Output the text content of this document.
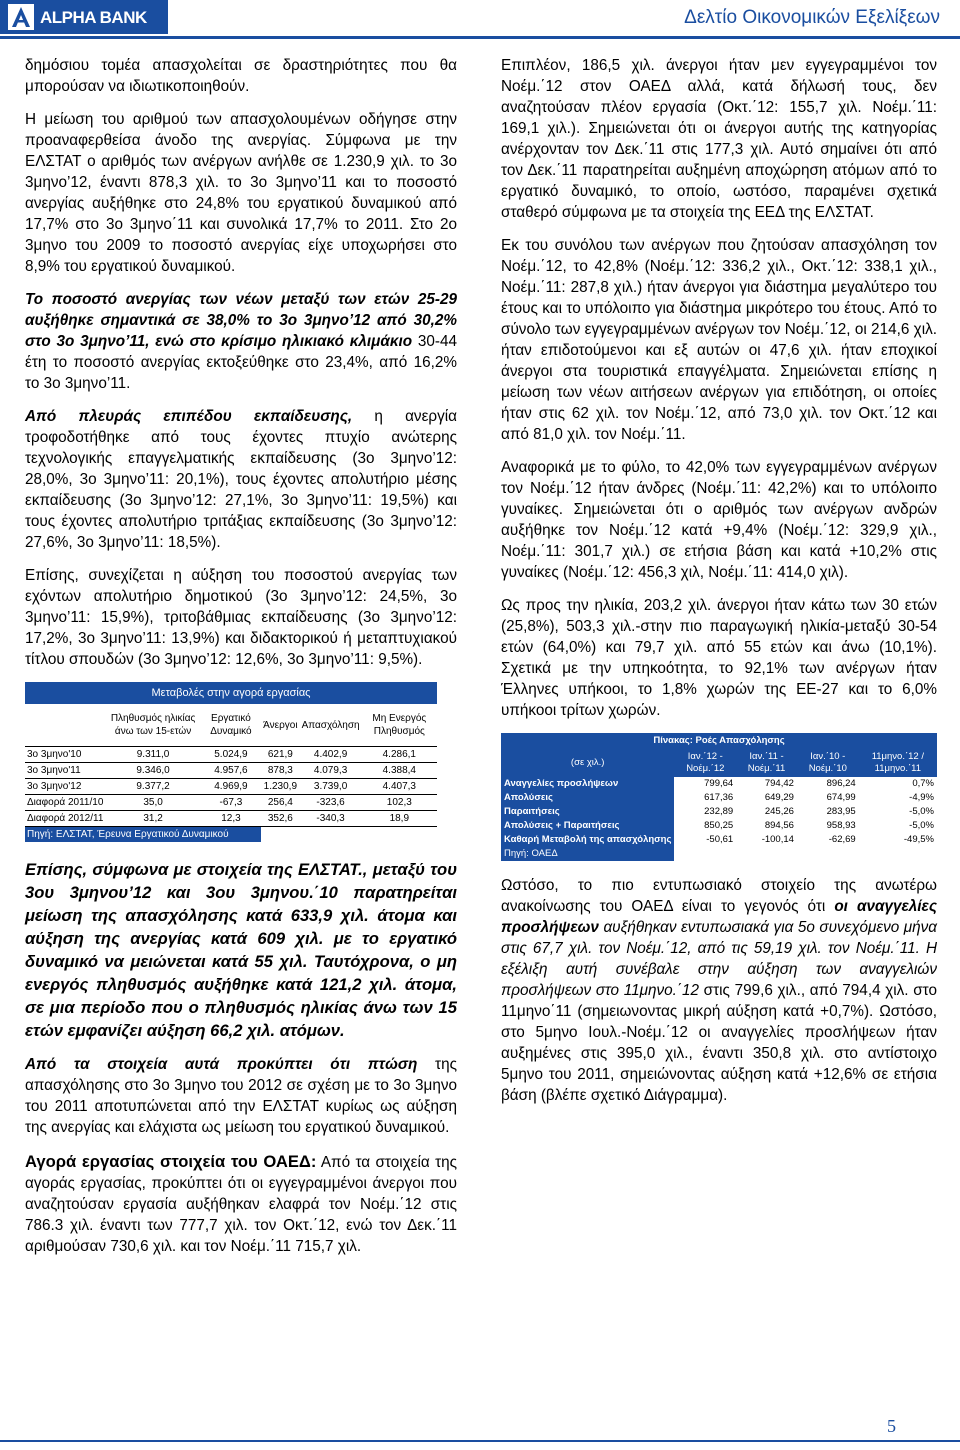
ALPHA BANK	Δελτίο Οικονομικών Εξελίξεων

δημόσιου τομέα απασχολείται σε δραστηριότητες που θα μπορούσαν να ιδιωτικοποιηθούν.

Η μείωση του αριθμού των απασχολουμένων οδήγησε στην προαναφερθείσα άνοδο της ανεργίας. Σύμφωνα με την ΕΛΣΤΑΤ ο αριθμός των ανέργων ανήλθε σε 1.230,9 χιλ. το 3ο 3μηνο’12, έναντι 878,3 χιλ. το 3ο 3μηνο’11 και το ποσοστό ανεργίας αυξήθηκε στο 24,8% του εργατικού δυναμικού από 17,7% στο 3ο 3μηνο΄11 και συνολικά 17,7% το 2011. Στο 2ο 3μηνο του 2009 το ποσοστό ανεργίας είχε υποχωρήσει στο 8,9% του εργατικού δυναμικού.

Το ποσοστό ανεργίας των νέων μεταξύ των ετών 25-29 αυξήθηκε σημαντικά σε 38,0% το 3ο 3μηνο’12 από 30,2% στο 3ο 3μηνο’11, ενώ στο κρίσιμο ηλικιακό κλιμάκιο 30-44 έτη το ποσοστό ανεργίας εκτοξεύθηκε στο 23,4%, από 16,2% το 3ο 3μηνο’11.

Από πλευράς επιπέδου εκπαίδευσης, η ανεργία τροφοδοτήθηκε από τους έχοντες πτυχίο ανώτερης τεχνολογικής επαγγελματικής εκπαίδευσης (3ο 3μηνο’12: 28,0%, 3ο 3μηνο’11: 20,1%), τους έχοντες απολυτήριο μέσης εκπαίδευσης (3ο 3μηνο’12: 27,1%, 3ο 3μηνο’11: 19,5%) και τους έχοντες απολυτήριο τριτάξιας εκπαίδευσης (3ο 3μηνο’12: 27,6%, 3ο 3μηνο’11: 18,5%).

Επίσης, συνεχίζεται η αύξηση του ποσοστού ανεργίας των εχόντων απολυτήριο δημοτικού (3ο 3μηνο’12: 24,5%, 3ο 3μηνο’11: 15,9%), τριτοβάθμιας εκπαίδευσης (3ο 3μηνο’12: 17,2%, 3ο 3μηνο’11: 13,9%) και διδακτορικού ή μεταπτυχιακού τίτλου σπουδών (3ο 3μηνο’12: 12,6%, 3ο 3μηνο’11: 9,5%).

Μεταβολές στην αγορά εργασίας					
	Πληθυσμός ηλικίας άνω των 15-ετών	Εργατικό Δυναμικό	Άνεργοι	Απασχόληση	Μη Ενεργός Πληθυσμός
3ο 3μηνο'10	9.311,0	5.024,9	621,9	4.402,9	4.286,1
3ο 3μηνο'11	9.346,0	4.957,6	878,3	4.079,3	4.388,4
3ο 3μηνο'12	9.377,2	4.969,9	1.230,9	3.739,0	4.407,3
Διαφορά 2011/10	35,0	-67,3	256,4	-323,6	102,3
Διαφορά 2012/11	31,2	12,3	352,6	-340,3	18,9
Πηγή: ΕΛΣΤΑΤ, Έρευνα Εργατικού Δυναμικού					

Επίσης, σύμφωνα με στοιχεία της ΕΛΣΤΑΤ., μεταξύ του 3ου 3μηνου’12 και 3ου 3μηνου.΄10 παρατηρείται μείωση της απασχόλησης κατά 633,9 χιλ. άτομα και αύξηση της ανεργίας κατά 609 χιλ. με το εργατικό δυναμικό να μειώνεται κατά 55 χιλ. Ταυτόχρονα, ο μη ενεργός πληθυσμός αυξήθηκε κατά 121,2 χιλ. άτομα, σε μια περίοδο που ο πληθυσμός ηλικίας άνω των 15 ετών εμφανίζει αύξηση 66,2 χιλ. ατόμων.

Από τα στοιχεία αυτά προκύπτει ότι πτώση της απασχόλησης στο 3ο 3μηνο του 2012 σε σχέση με το 3ο 3μηνο του 2011 αποτυπώνεται από την ΕΛΣΤΑΤ κυρίως ως αύξηση της ανεργίας και ελάχιστα ως μείωση του εργατικού δυναμικού.

Αγορά εργασίας στοιχεία του ΟΑΕΔ: Από τα στοιχεία της αγοράς εργασίας, προκύπτει ότι οι εγγεγραμμένοι άνεργοι που αναζητούσαν εργασία αυξήθηκαν ελαφρά τον Νοέμ.΄12 στις 786.3 χιλ. έναντι των 777,7 χιλ. τον Οκτ.΄12, ενώ τον Δεκ.΄11 αριθμούσαν 730,6 χιλ. και τον Νοέμ.΄11 715,7 χιλ.

Επιπλέον, 186,5 χιλ. άνεργοι ήταν μεν εγγεγραμμένοι τον Νοέμ.΄12 στον ΟΑΕΔ αλλά, κατά δήλωσή τους, δεν αναζητούσαν πλέον εργασία (Οκτ.΄12: 155,7 χιλ. Νοέμ.΄11: 169,1 χιλ.). Σημειώνεται ότι οι άνεργοι αυτής της κατηγορίας ανέρχονταν τον Δεκ.΄11 στις 177,3 χιλ. Αυτό σημαίνει ότι από τον Δεκ.΄11 παρατηρείται αυξημένη αποχώρηση ατόμων από το εργατικό δυναμικό, το οποίο, ωστόσο, παραμένει σχετικά σταθερό σύμφωνα με τα στοιχεία της ΕΕΔ της ΕΛΣΤΑΤ.

Εκ του συνόλου των ανέργων που ζητούσαν απασχόληση τον Νοέμ.΄12, το 42,8% (Νοέμ.΄12: 336,2 χιλ., Οκτ.΄12: 338,1 χιλ., Νοέμ.΄11: 287,8 χιλ.) ήταν άνεργοι για διάστημα μεγαλύτερο του έτους και το υπόλοιπο για διάστημα μικρότερο του έτους. Από το σύνολο των εγγεγραμμένων ανέργων τον Νοέμ.΄12, οι 214,6 χιλ. ήταν επιδοτούμενοι και εξ αυτών οι 47,6 χιλ. ήταν εποχικοί άνεργοι στα τουριστικά επαγγέλματα. Σημειώνεται επίσης η μείωση των νέων αιτήσεων ανέργων για επιδότηση, οι οποίες ήταν στις 62 χιλ. τον Νοέμ.΄12, από 73,0 χιλ. τον Οκτ.΄12 και από 81,0 χιλ. τον Νοέμ.΄11.

Αναφορικά με το φύλο, το 42,0% των εγγεγραμμένων ανέργων τον Νοέμ.΄12 ήταν άνδρες (Νοέμ.΄11: 42,2%) και το υπόλοιπο γυναίκες. Σημειώνεται ότι ο αριθμός των ανέργων ανδρών αυξήθηκε τον Νοέμ.΄12 κατά +9,4% (Νοέμ.΄12: 329,9 χιλ., Νοέμ.΄11: 301,7 χιλ.) σε ετήσια βάση και κατά +10,2% στις γυναίκες (Νοέμ.΄12: 456,3 χιλ, Νοέμ.΄11: 414,0 χιλ).

Ως προς την ηλικία, 203,2 χιλ. άνεργοι ήταν κάτω των 30 ετών (25,8%), 503,3 χιλ.-στην πιο παραγωγική ηλικία-μεταξύ 30-54 ετών (64,0%) και 79,7 χιλ. από 55 ετών και άνω (10,1%). Σχετικά με την υπηκοότητα, το 92,1% των ανέργων ήταν Έλληνες υπήκοοι, το 1,8% χωρών της ΕΕ-27 και το 6,0% υπήκοοι τρίτων χωρών.

Πίνακας: Ροές Απασχόλησης				
(σε χιλ.)	Ιαν.΄12 - Νοέμ.΄12	Ιαν.΄11 - Νοέμ.΄11	Ιαν.΄10 - Νοέμ.΄10	11μηνο.΄12 / 11μηνο.΄11
Αναγγελίες προσλήψεων	799,64	794,42	896,24	0,7%
Απολύσεις	617,36	649,29	674,99	-4,9%
Παραιτήσεις	232,89	245,26	283,95	-5,0%
Απολύσεις + Παραιτήσεις	850,25	894,56	958,93	-5,0%
Καθαρή Μεταβολή της απασχόλησης	-50,61	-100,14	-62,69	-49,5%
Πηγή: ΟΑΕΔ				

Ωστόσο, το πιο εντυπωσιακό στοιχείο της ανωτέρω ανακοίνωσης του ΟΑΕΔ είναι το γεγονός ότι οι αναγγελίες προσλήψεων αυξήθηκαν εντυπωσιακά για 5ο συνεχόμενο μήνα στις 67,7 χιλ. τον Νοέμ.΄12, από τις 59,19 χιλ. τον Νοέμ.΄11. Η εξέλιξη αυτή συνέβαλε στην αύξηση των αναγγελιών προσλήψεων στο 11μηνο.΄12 στις 799,6 χιλ., από 794,4 χιλ. στο 11μηνο΄11 (σημειωνοντας μικρή αύξηση κατά +0,7%). Ωστόσο, στο 5μηνο Ιουλ.-Νοέμ.΄12 οι αναγγελίες προσλήψεων ήταν αυξημένες στις 395,0 χιλ., έναντι 350,8 χιλ. στο αντίστοιχο 5μηνο του 2011, σημειώνοντας αύξηση κατά +12,6% σε ετήσια βάση (βλέπε σχετικό Διάγραμμα).

5
